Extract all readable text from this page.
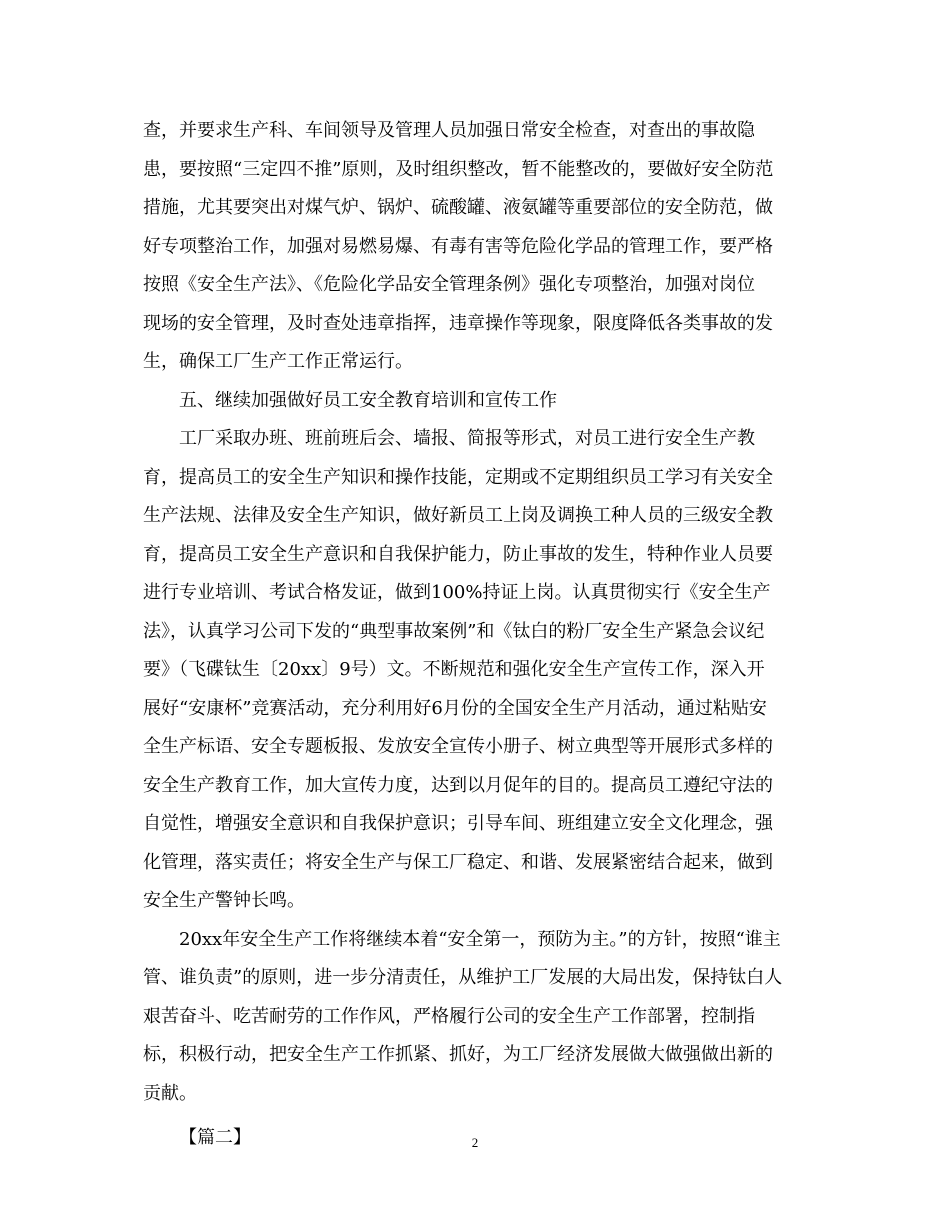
查，并要求生产科、车间领导及管理人员加强日常安全检查，对查出的事故隐
患，要按照“三定四不推”原则，及时组织整改，暂不能整改的，要做好安全防范
措施，尤其要突出对煤气炉、锅炉、硫酸罐、液氨罐等重要部位的安全防范，做
好专项整治工作，加强对易燃易爆、有毒有害等危险化学品的管理工作，要严格
按照《安全生产法》、《危险化学品安全管理条例》强化专项整治，加强对岗位
现场的安全管理，及时查处违章指挥，违章操作等现象，限度降低各类事故的发
生，确保工厂生产工作正常运行。
五、继续加强做好员工安全教育培训和宣传工作
工厂采取办班、班前班后会、墙报、简报等形式，对员工进行安全生产教
育，提高员工的安全生产知识和操作技能，定期或不定期组织员工学习有关安全
生产法规、法律及安全生产知识，做好新员工上岗及调换工种人员的三级安全教
育，提高员工安全生产意识和自我保护能力，防止事故的发生，特种作业人员要
进行专业培训、考试合格发证，做到100%持证上岗。认真贯彻实行《安全生产
法》，认真学习公司下发的“典型事故案例”和《钛白的粉厂安全生产紧急会议纪
要》（飞碟钛生〔20xx〕9号）文。不断规范和强化安全生产宣传工作，深入开
展好“安康杯”竞赛活动，充分利用好6月份的全国安全生产月活动，通过粘贴安
全生产标语、安全专题板报、发放安全宣传小册子、树立典型等开展形式多样的
安全生产教育工作，加大宣传力度，达到以月促年的目的。提高员工遵纪守法的
自觉性，增强安全意识和自我保护意识；引导车间、班组建立安全文化理念，强
化管理，落实责任；将安全生产与保工厂稳定、和谐、发展紧密结合起来，做到
安全生产警钟长鸣。
20xx年安全生产工作将继续本着“安全第一，预防为主。”的方针，按照“谁主
管、谁负责”的原则，进一步分清责任，从维护工厂发展的大局出发，保持钛白人
艰苦奋斗、吃苦耐劳的工作作风，严格履行公司的安全生产工作部署，控制指
标，积极行动，把安全生产工作抓紧、抓好，为工厂经济发展做大做强做出新的
贡献。
【篇二】	2
